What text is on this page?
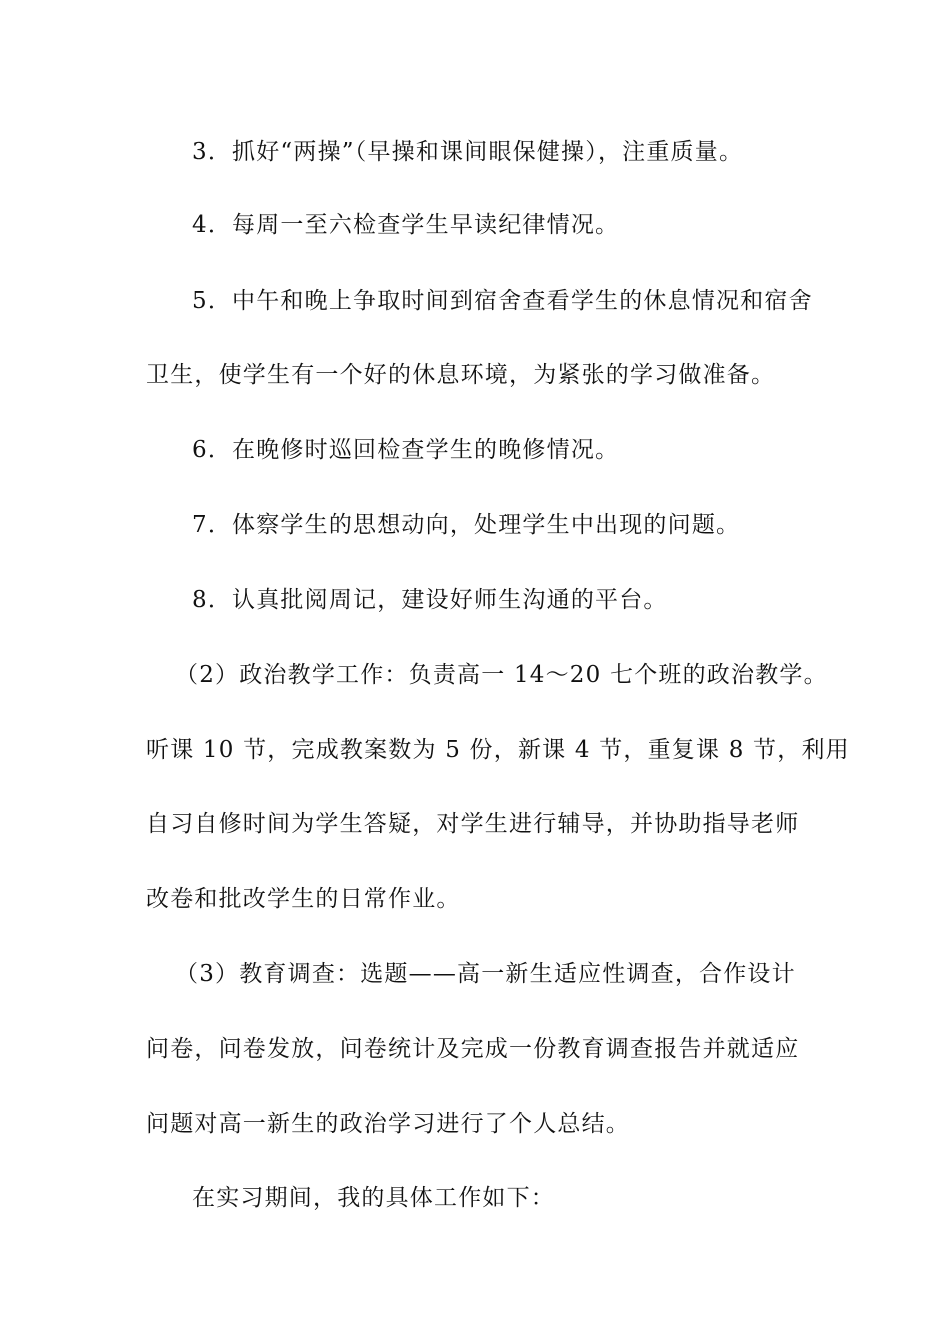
3．抓好“两操”（早操和课间眼保健操），注重质量。
4．每周一至六检查学生早读纪律情况。
5．中午和晚上争取时间到宿舍查看学生的休息情况和宿舍
卫生，使学生有一个好的休息环境，为紧张的学习做准备。
6．在晚修时巡回检查学生的晚修情况。
7．体察学生的思想动向，处理学生中出现的问题。
8．认真批阅周记，建设好师生沟通的平台。
（2）政治教学工作：负责高一 14～20 七个班的政治教学。
听课 10 节，完成教案数为 5 份，新课 4 节，重复课 8 节，利用
自习自修时间为学生答疑，对学生进行辅导，并协助指导老师
改卷和批改学生的日常作业。
（3）教育调查：选题——高一新生适应性调查，合作设计
问卷，问卷发放，问卷统计及完成一份教育调查报告并就适应
问题对高一新生的政治学习进行了个人总结。
在实习期间，我的具体工作如下：
